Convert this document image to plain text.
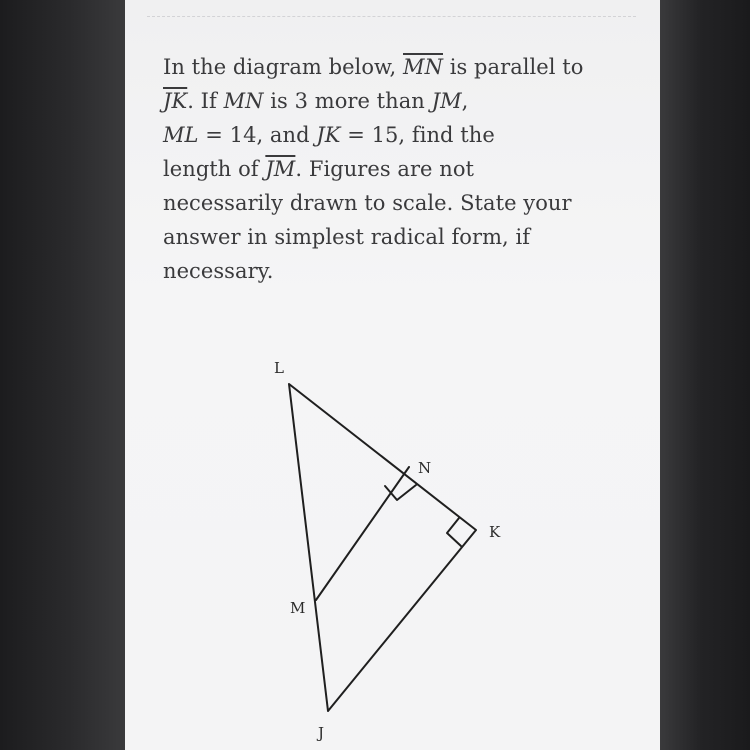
In the diagram below, $\overline{MN}$ is parallel to
$\overline{JK}$. If MN is 3 more than JM,
ML = 14, and JK = 15, find the
length of $\overline{JM}$. Figures are not
necessarily drawn to scale. State your
answer in simplest radical form, if
necessary.
L
N
K
M
J
